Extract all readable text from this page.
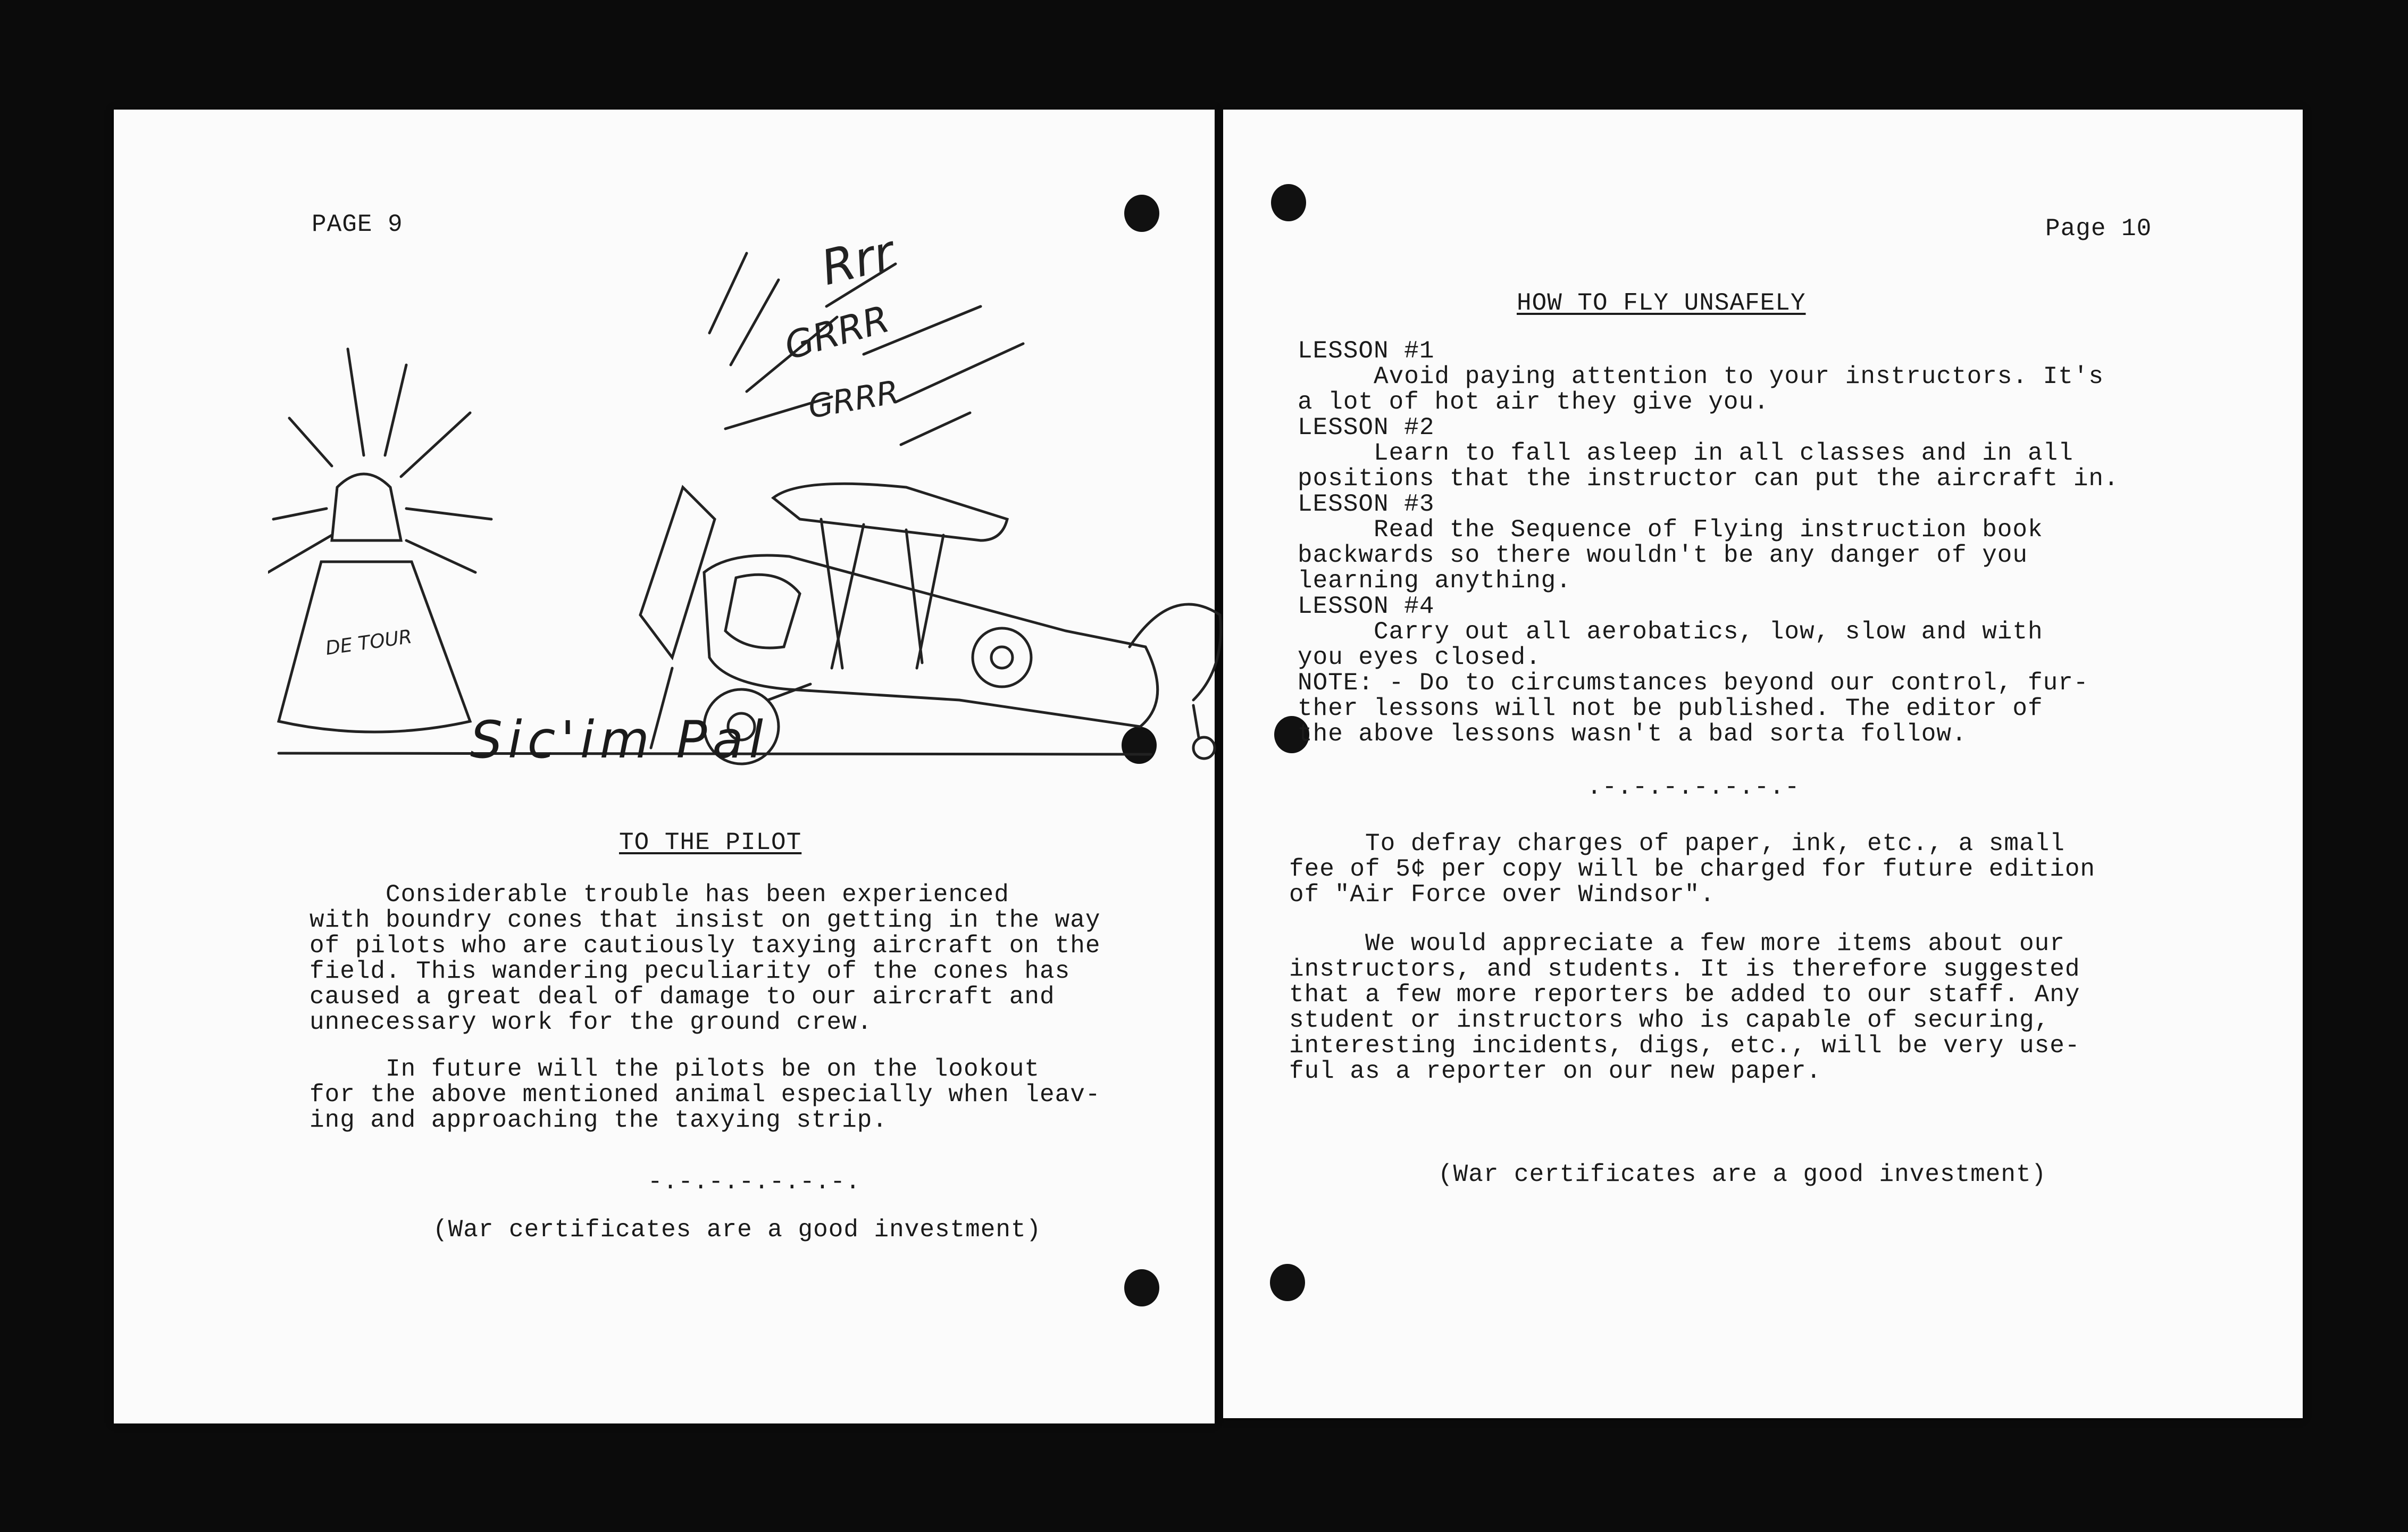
PAGE 9
Rrr
GRRR
GRRR
DE TOUR
Sic'im Pal
TO THE PILOT
Considerable trouble has been experienced
with boundry cones that insist on getting in the way
of pilots who are cautiously taxying aircraft on the
field. This wandering peculiarity of the cones has
caused a great deal of damage to our aircraft and
unnecessary work for the ground crew.
In future will the pilots be on the lookout
for the above mentioned animal especially when leav-
ing and approaching the taxying strip.
-.-.-.-.-.-.-.
(War certificates are a good investment)
Page 10
HOW TO FLY UNSAFELY
LESSON #1
Avoid paying attention to your instructors. It's
a lot of hot air they give you.
LESSON #2
Learn to fall asleep in all classes and in all
positions that the instructor can put the aircraft in.
LESSON #3
Read the Sequence of Flying instruction book
backwards so there wouldn't be any danger of you
learning anything.
LESSON #4
Carry out all aerobatics, low, slow and with
you eyes closed.
NOTE: - Do to circumstances beyond our control, fur-
ther lessons will not be published. The editor of
the above lessons wasn't a bad sorta follow.
.-.-.-.-.-.-.-
To defray charges of paper, ink, etc., a small
fee of 5¢ per copy will be charged for future edition
of "Air Force over Windsor".
We would appreciate a few more items about our
instructors, and students. It is therefore suggested
that a few more reporters be added to our staff. Any
student or instructors who is capable of securing,
interesting incidents, digs, etc., will be very use-
ful as a reporter on our new paper.
(War certificates are a good investment)
